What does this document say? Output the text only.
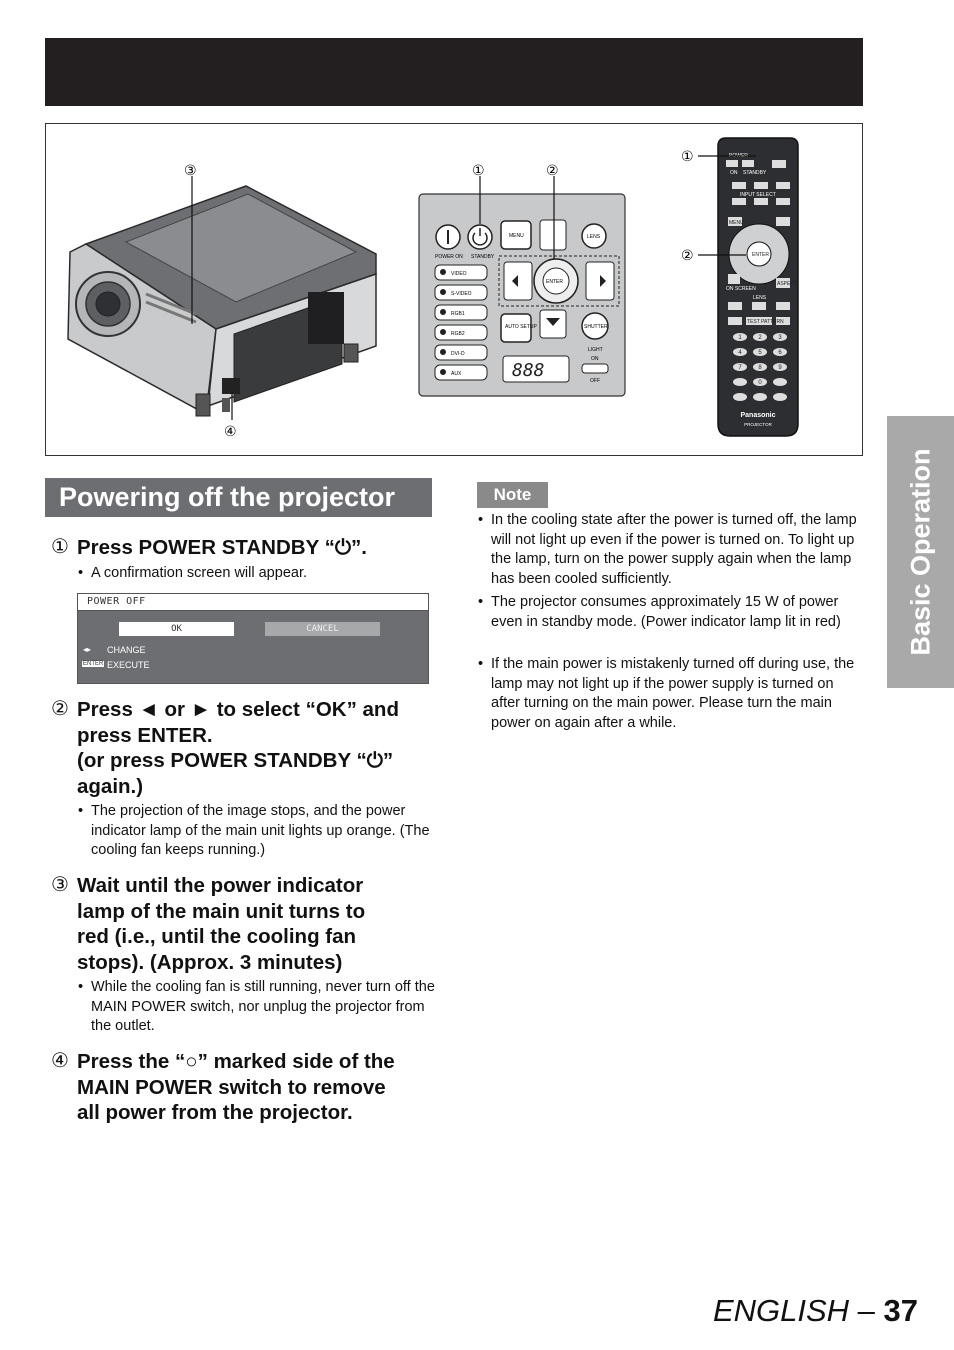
POWER ON STANDBY
MENU	LENS
ENTER
AUTO SETUP	SHUTTER
LIGHT
ON
OFF
VIDEO
S-VIDEO
RGB1
RGB2
DVI-D
AUX	888
POWER
ON STANDBY
INPUT SELECT
MENU
ENTER
ASPECT
ON SCREEN
LENS
TEST PATTERN
1	2	3
4	5	6
7	8	9
0
Panasonic
PROJECTOR
③
④
①	②
①
②
Basic Operation
Powering off the projector
① Press POWER STANDBY “⏻”.
• A confirmation screen will appear.
POWER OFF
OK	CANCEL
◂▸ CHANGE
ENTER EXECUTE
② Press ◄ or ► to select “OK” and
press ENTER.
(or press POWER STANDBY “⏻”
again.)
• The projection of the image stops, and the power indicator lamp of the main unit lights up orange. (The cooling fan keeps running.)
③ Wait until the power indicator
lamp of the main unit turns to
red (i.e., until the cooling fan
stops). (Approx. 3 minutes)
• While the cooling fan is still running, never turn off the MAIN POWER switch, nor unplug the projector from the outlet.
④ Press the “○” marked side of the
MAIN POWER switch to remove
all power from the projector.
Note
• In the cooling state after the power is turned off, the lamp will not light up even if the power is turned on. To light up the lamp, turn on the power supply again when the lamp has been cooled sufficiently.
• The projector consumes approximately 15 W of power even in standby mode. (Power indicator lamp lit in red)
• If the main power is mistakenly turned off during use, the lamp may not light up if the power supply is turned on after turning on the main power. Please turn the main power on again after a while.
ENGLISH – 37
